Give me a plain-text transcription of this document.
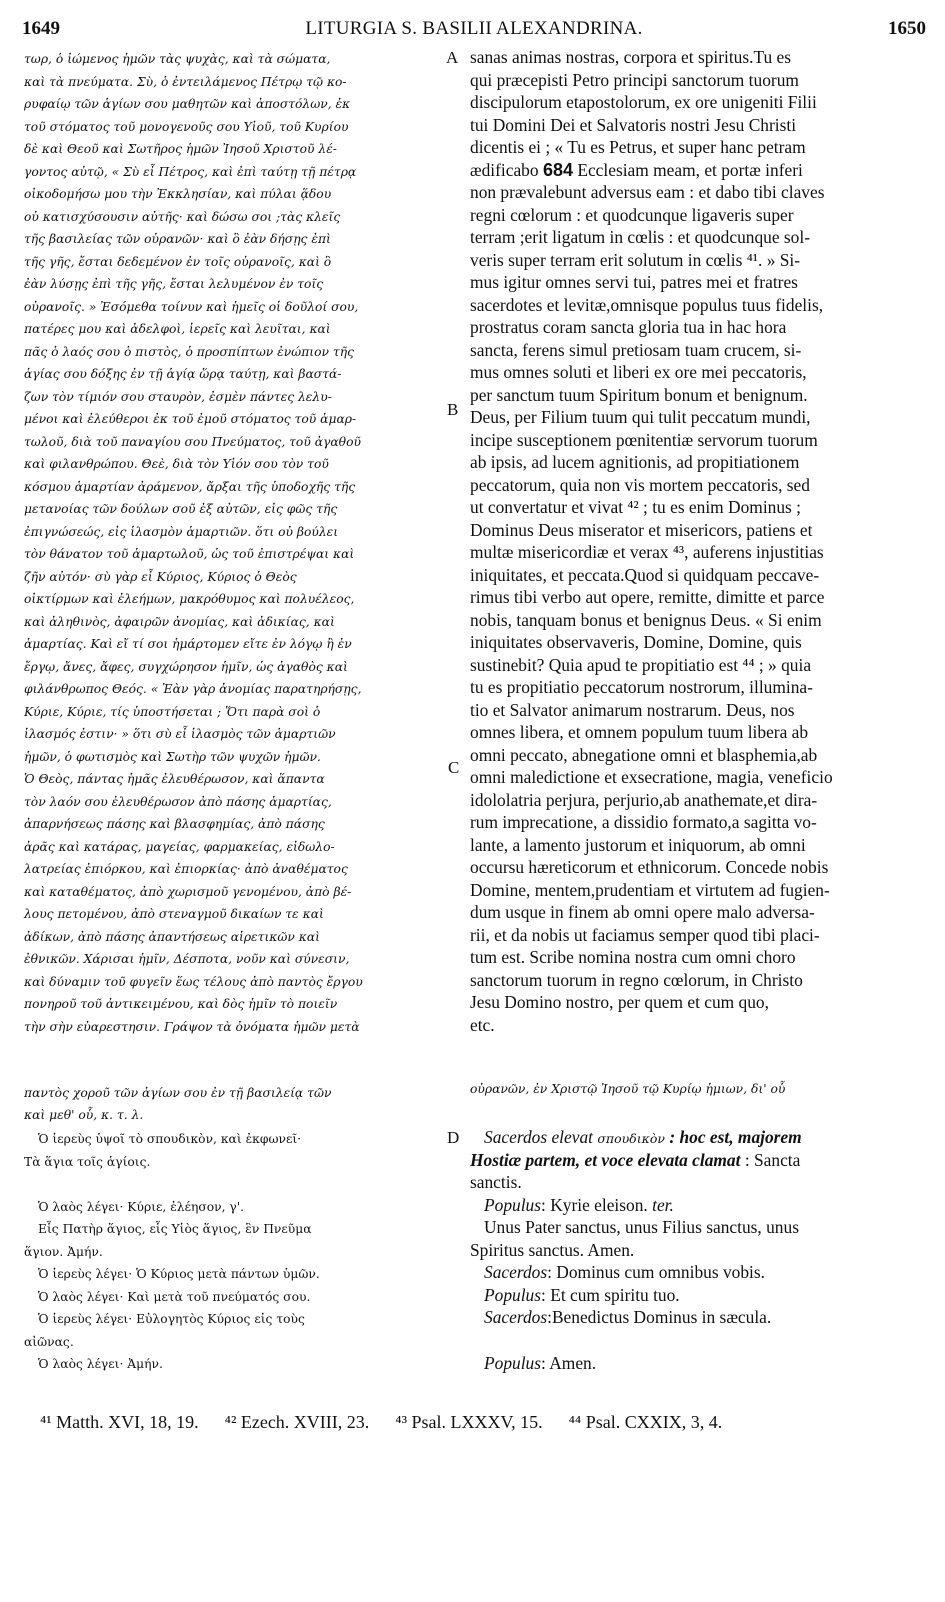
1649	LITURGIA S. BASILII ALEXANDRINA.	1650
τωρ, ὁ ἰώμενος ἡμῶν τὰς ψυχὰς, καὶ τὰ σώματα,
καὶ τὰ πνεύματα. Σὺ, ὁ ἐντειλάμενος Πέτρῳ τῷ κο-
ρυφαίῳ τῶν ἁγίων σου μαθητῶν καὶ ἀποστόλων, ἐκ
τοῦ στόματος τοῦ μονογενοῦς σου Υἱοῦ, τοῦ Κυρίου
δὲ καὶ Θεοῦ καὶ Σωτῆρος ἡμῶν Ἰησοῦ Χριστοῦ λέ-
γοντος αὐτῷ, « Σὺ εἶ Πέτρος, καὶ ἐπὶ ταύτῃ τῇ πέτρᾳ
οἰκοδομήσω μου τὴν Ἐκκλησίαν, καὶ πύλαι ᾅδου
οὐ κατισχύσουσιν αὐτῆς· καὶ δώσω σοι ;τὰς κλεῖς
τῆς βασιλείας τῶν οὐρανῶν· καὶ ὃ ἐὰν δήσῃς ἐπὶ
τῆς γῆς, ἔσται δεδεμένον ἐν τοῖς οὐρανοῖς, καὶ ὃ
ἐὰν λύσῃς ἐπὶ τῆς γῆς, ἔσται λελυμένον ἐν τοῖς
οὐρανοῖς. » Ἐσόμεθα τοίνυν καὶ ἡμεῖς οἱ δοῦλοί σου,
πατέρες μου καὶ ἀδελφοὶ, ἱερεῖς καὶ λευῖται, καὶ
πᾶς ὁ λαός σου ὁ πιστὸς, ὁ προσπίπτων ἐνώπιον τῆς
ἁγίας σου δόξης ἐν τῇ ἁγίᾳ ὥρᾳ ταύτῃ, καὶ βαστά-
ζων τὸν τίμιόν σου σταυρὸν, ἐσμὲν πάντες λελυ-
μένοι καὶ ἐλεύθεροι ἐκ τοῦ ἐμοῦ στόματος τοῦ ἁμαρ-
τωλοῦ, διὰ τοῦ παναγίου σου Πνεύματος, τοῦ ἀγαθοῦ
καὶ φιλανθρώπου. Θεὲ, διὰ τὸν Υἱόν σου τὸν τοῦ
κόσμου ἁμαρτίαν ἀράμενον, ἄρξαι τῆς ὑποδοχῆς τῆς
μετανοίας τῶν δούλων σοῦ ἐξ αὐτῶν, εἰς φῶς τῆς
ἐπιγνώσεώς, εἰς ἱλασμὸν ἁμαρτιῶν. ὅτι οὐ βούλει
τὸν θάνατον τοῦ ἁμαρτωλοῦ, ὡς τοῦ ἐπιστρέψαι καὶ
ζῆν αὐτόν· σὺ γὰρ εἶ Κύριος, Κύριος ὁ Θεὸς
οἰκτίρμων καὶ ἐλεήμων, μακρόθυμος καὶ πολυέλεος,
καὶ ἀληθινὸς, ἀφαιρῶν ἀνομίας, καὶ ἀδικίας, καὶ
ἁμαρτίας. Καὶ εἴ τί σοι ἡμάρτομεν εἴτε ἐν λόγῳ ἢ ἐν
ἔργῳ, ἄνες, ἄφες, συγχώρησον ἡμῖν, ὡς ἀγαθὸς καὶ
φιλάνθρωπος Θεός. « Ἐὰν γὰρ ἀνομίας παρατηρήσῃς,
Κύριε, Κύριε, τίς ὑποστήσεται ; Ὅτι παρὰ σοὶ ὁ
ἱλασμός ἐστιν· » ὅτι σὺ εἶ ἱλασμὸς τῶν ἁμαρτιῶν
ἡμῶν, ὁ φωτισμὸς καὶ Σωτὴρ τῶν ψυχῶν ἡμῶν.
Ὁ Θεὸς, πάντας ἡμᾶς ἐλευθέρωσον, καὶ ἅπαντα
τὸν λαόν σου ἐλευθέρωσον ἀπὸ πάσης ἁμαρτίας,
ἀπαρνήσεως πάσης καὶ βλασφημίας, ἀπὸ πάσης
ἀρᾶς καὶ κατάρας, μαγείας, φαρμακείας, εἰδωλο-
λατρείας ἐπιόρκου, καὶ ἐπιορκίας· ἀπὸ ἀναθέματος
καὶ καταθέματος, ἀπὸ χωρισμοῦ γενομένου, ἀπὸ βέ-
λους πετομένου, ἀπὸ στεναγμοῦ δικαίων τε καὶ
ἀδίκων, ἀπὸ πάσης ἀπαντήσεως αἱρετικῶν καὶ
ἐθνικῶν. Χάρισαι ἡμῖν, Δέσποτα, νοῦν καὶ σύνεσιν,
καὶ δύναμιν τοῦ φυγεῖν ἕως τέλους ἀπὸ παντὸς ἔργου
πονηροῦ τοῦ ἀντικειμένου, καὶ δὸς ἡμῖν τὸ ποιεῖν
τὴν σὴν εὐαρεστησιν. Γράψον τὰ ὀνόματα ἡμῶν μετὰ
sanas animas nostras, corpora et spiritus.Tu es
qui præcepisti Petro principi sanctorum tuorum
discipulorum etapostolorum, ex ore unigeniti Filii
tui Domini Dei et Salvatoris nostri Jesu Christi
dicentis ei ; « Tu es Petrus, et super hanc petram
ædificabo 684 Ecclesiam meam, et portæ inferi
non prævalebunt adversus eam : et dabo tibi claves
regni cœlorum : et quodcunque ligaveris super
terram ;erit ligatum in cœlis : et quodcunque sol-
veris super terram erit solutum in cœlis ⁴¹. » Si-
mus igitur omnes servi tui, patres mei et fratres
sacerdotes et levitæ,omnisque populus tuus fidelis,
prostratus coram sancta gloria tua in hac hora
sancta, ferens simul pretiosam tuam crucem, si-
mus omnes soluti et liberi ex ore mei peccatoris,
per sanctum tuum Spiritum bonum et benignum.
Deus, per Filium tuum qui tulit peccatum mundi,
incipe susceptionem pœnitentiæ servorum tuorum
ab ipsis, ad lucem agnitionis, ad propitiationem
peccatorum, quia non vis mortem peccatoris, sed
ut convertatur et vivat ⁴² ; tu es enim Dominus ;
Dominus Deus miserator et misericors, patiens et
multæ misericordiæ et verax ⁴³, auferens injustitias
iniquitates, et peccata.Quod si quidquam peccave-
rimus tibi verbo aut opere, remitte, dimitte et parce
nobis, tanquam bonus et benignus Deus. « Si enim
iniquitates observaveris, Domine, Domine, quis
sustinebit? Quia apud te propitiatio est ⁴⁴ ; » quia
tu es propitiatio peccatorum nostrorum, illumina-
tio et Salvator animarum nostrarum. Deus, nos
omnes libera, et omnem populum tuum libera ab
omni peccato, abnegatione omni et blasphemia,ab
omni maledictione et exsecratione, magia, veneficio
idololatria perjura, perjurio,ab anathemate,et dira-
rum imprecatione, a dissidio formato,a sagitta vo-
lante, a lamento justorum et iniquorum, ab omni
occursu hæreticorum et ethnicorum. Concede nobis
Domine, mentem,prudentiam et virtutem ad fugien-
dum usque in finem ab omni opere malo adversa-
rii, et da nobis ut faciamus semper quod tibi placi-
tum est. Scribe nomina nostra cum omni choro
sanctorum tuorum in regno cœlorum, in Christo
Jesu Domino nostro, per quem et cum quo,
etc.
A
B
C
D
παντὸς χοροῦ τῶν ἁγίων σου ἐν τῇ βασιλείᾳ τῶν	οὐρανῶν, ἐν Χριστῷ Ἰησοῦ τῷ Κυρίῳ ἡμιων, δι' οὗ
καὶ μεθ' οὗ, κ. τ. λ.
Ὁ ἱερεὺς ὑψοῖ τὸ σπουδικὸν, καὶ ἐκφωνεῖ·
Τὰ ἅγια τοῖς ἁγίοις.
Ὁ λαὸς λέγει· Κύριε, ἐλέησον, γ'.
Εἷς Πατὴρ ἅγιος, εἷς Υἱὸς ἅγιος, ἓν Πνεῦμα
ἅγιον. Ἀμήν.
Ὁ ἱερεὺς λέγει· Ὁ Κύριος μετὰ πάντων ὑμῶν.
Ὁ λαὸς λέγει· Καὶ μετὰ τοῦ πνεύματός σου.
Ὁ ἱερεὺς λέγει· Εὐλογητὸς Κύριος εἰς τοὺς
αἰῶνας.
Ὁ λαὸς λέγει· Ἀμήν.
Sacerdos elevat σπουδικὸν : hoc est, majorem
Hostiæ partem, et voce elevata clamat : Sancta
sanctis.
Populus: Kyrie eleison. ter.
Unus Pater sanctus, unus Filius sanctus, unus
Spiritus sanctus. Amen.
Sacerdos: Dominus cum omnibus vobis.
Populus: Et cum spiritu tuo.
Sacerdos:Benedictus Dominus in sæcula.
Populus: Amen.
⁴¹ Matth. XVI, 18, 19. ⁴² Ezech. XVIII, 23. ⁴³ Psal. LXXXV, 15. ⁴⁴ Psal. CXXIX, 3, 4.
